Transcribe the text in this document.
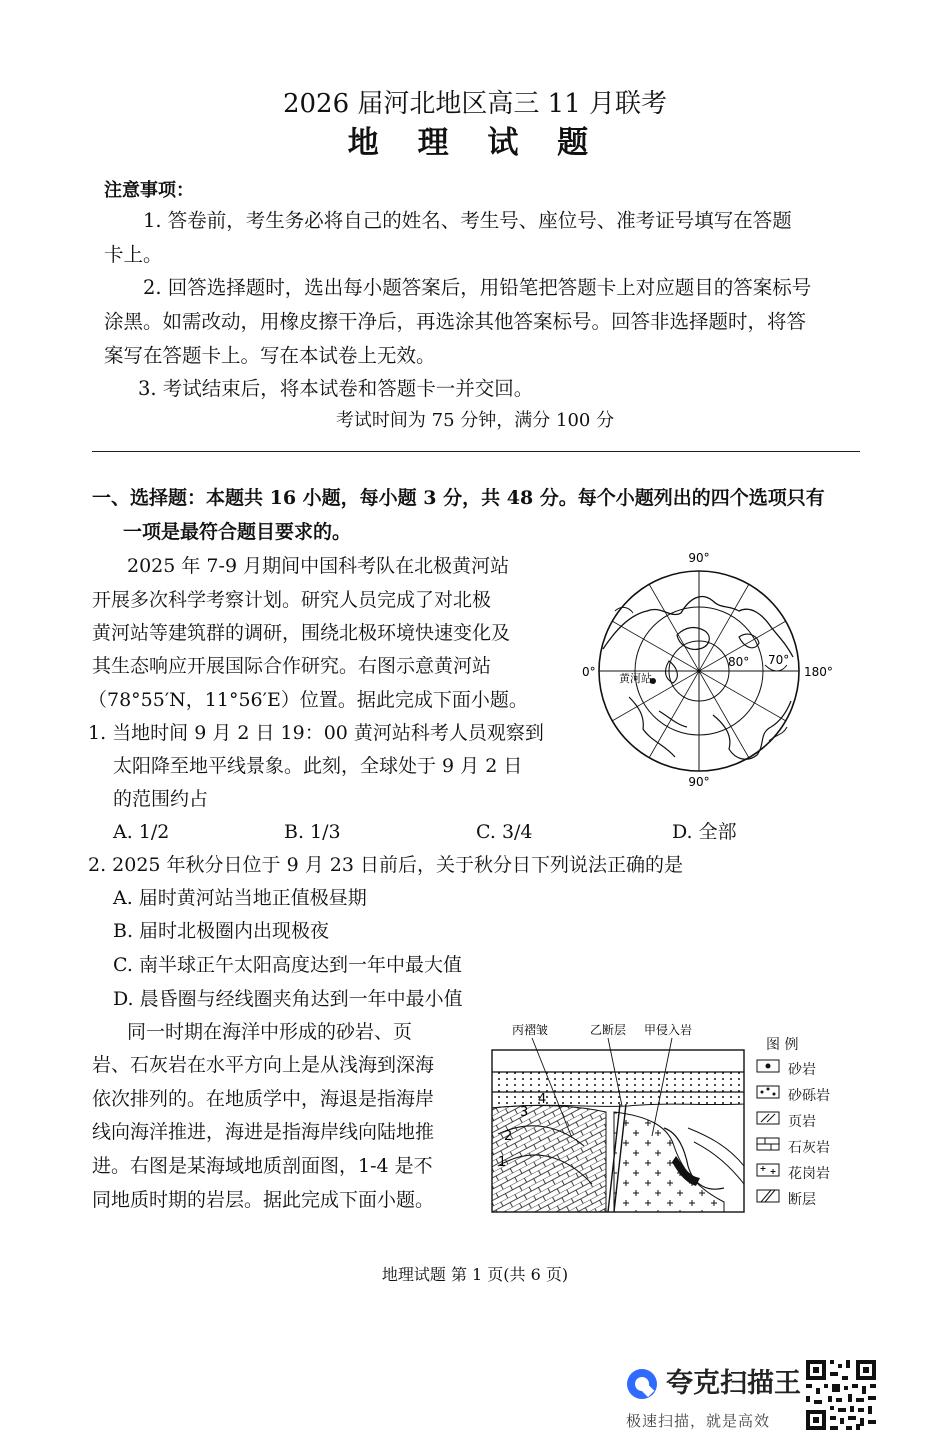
2026 届河北地区高三 11 月联考
地 理 试 题
注意事项：
1. 答卷前，考生务必将自己的姓名、考生号、座位号、准考证号填写在答题
卡上。
2. 回答选择题时，选出每小题答案后，用铅笔把答题卡上对应题目的答案标号
涂黑。如需改动，用橡皮擦干净后，再选涂其他答案标号。回答非选择题时，将答
案写在答题卡上。写在本试卷上无效。
3. 考试结束后，将本试卷和答题卡一并交回。
考试时间为 75 分钟，满分 100 分
一、选择题：本题共 16 小题，每小题 3 分，共 48 分。每个小题列出的四个选项只有
一项是最符合题目要求的。
2025 年 7-9 月期间中国科考队在北极黄河站
开展多次科学考察计划。研究人员完成了对北极
黄河站等建筑群的调研，围绕北极环境快速变化及
其生态响应开展国际合作研究。右图示意黄河站
（78°55′N，11°56′E）位置。据此完成下面小题。
90°
90°
0°	180°
80° 70°
黄河站
1. 当地时间 9 月 2 日 19：00 黄河站科考人员观察到
太阳降至地平线景象。此刻，全球处于 9 月 2 日
的范围约占
A. 1/2	B. 1/3	C. 3/4	D. 全部
2. 2025 年秋分日位于 9 月 23 日前后，关于秋分日下列说法正确的是
A. 届时黄河站当地正值极昼期
B. 届时北极圈内出现极夜
C. 南半球正午太阳高度达到一年中最大值
D. 晨昏圈与经线圈夹角达到一年中最小值
同一时期在海洋中形成的砂岩、页
岩、石灰岩在水平方向上是从浅海到深海
依次排列的。在地质学中，海退是指海岸
线向海洋推进，海进是指海岸线向陆地推
进。右图是某海域地质剖面图，1-4 是不
同地质时期的岩层。据此完成下面小题。
丙褶皱	乙断层 甲侵入岩
1
2
3
4
图 例
砂岩
砂砾岩
页岩
石灰岩
花岗岩
断层
地理试题 第 1 页(共 6 页)
夸克扫描王
极速扫描，就是高效
